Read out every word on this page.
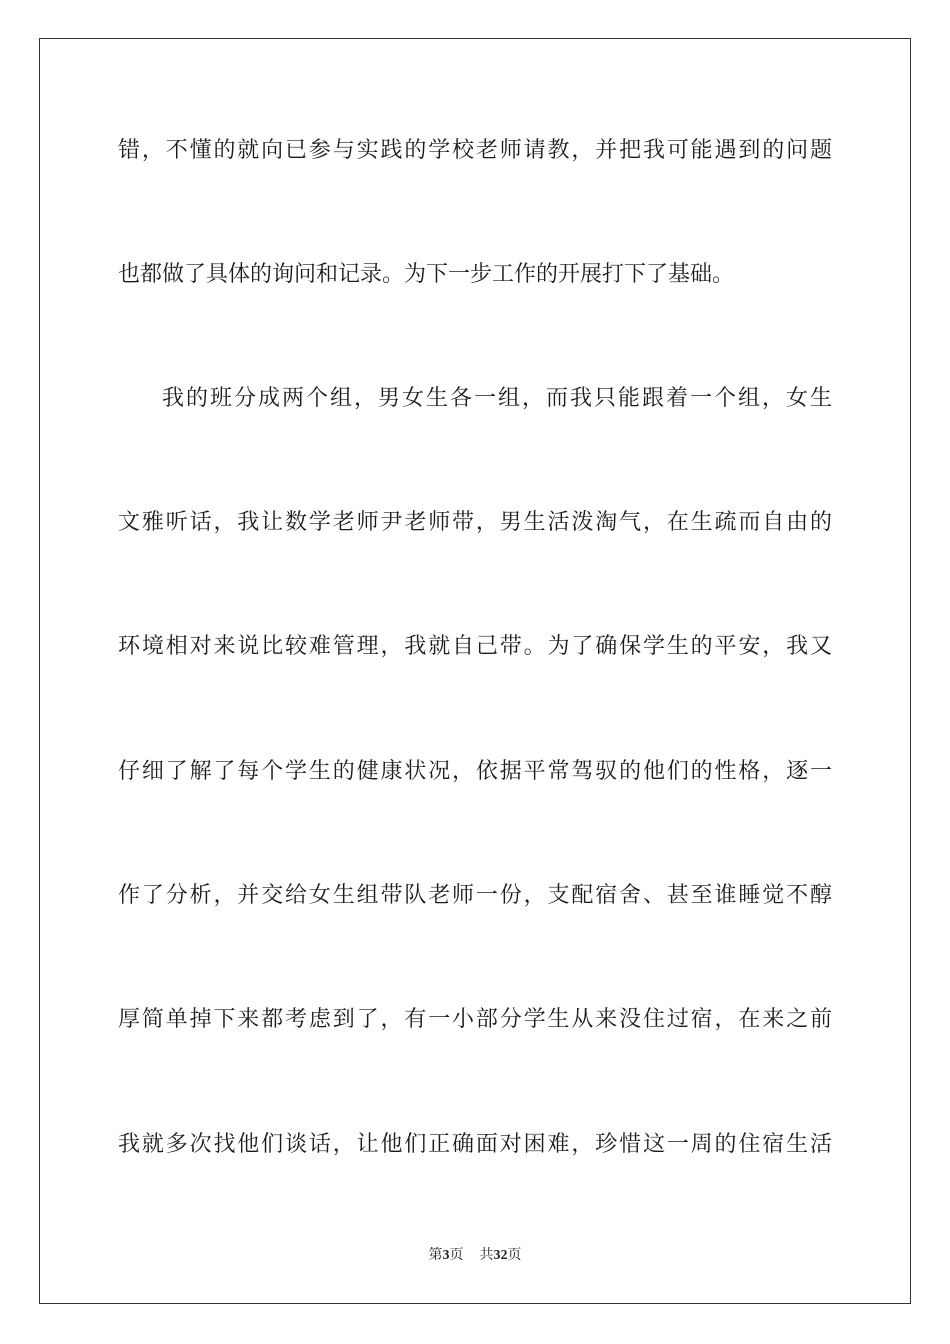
错，不懂的就向已参与实践的学校老师请教，并把我可能遇到的问题
也都做了具体的询问和记录。为下一步工作的开展打下了基础。
我的班分成两个组，男女生各一组，而我只能跟着一个组，女生
文雅听话，我让数学老师尹老师带，男生活泼淘气，在生疏而自由的
环境相对来说比较难管理，我就自己带。为了确保学生的平安，我又
仔细了解了每个学生的健康状况，依据平常驾驭的他们的性格，逐一
作了分析，并交给女生组带队老师一份，支配宿舍、甚至谁睡觉不醇
厚简单掉下来都考虑到了，有一小部分学生从来没住过宿，在来之前
我就多次找他们谈话，让他们正确面对困难，珍惜这一周的住宿生活
第3页 共32页
